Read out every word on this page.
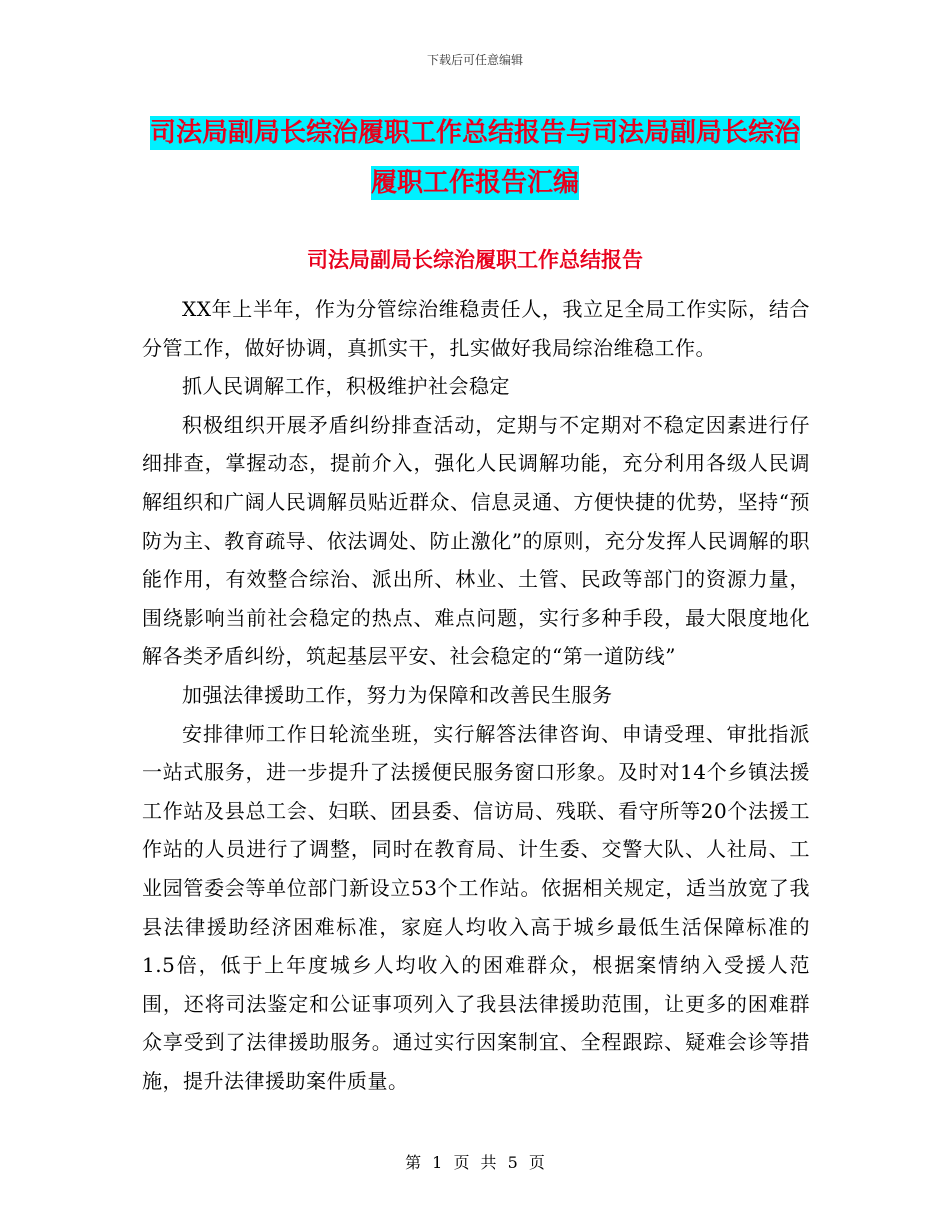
下载后可任意编辑
司法局副局长综治履职工作总结报告与司法局副局长综治履职工作报告汇编
司法局副局长综治履职工作总结报告

XX年上半年，作为分管综治维稳责任人，我立足全局工作实际，结合分管工作，做好协调，真抓实干，扎实做好我局综治维稳工作。

抓人民调解工作，积极维护社会稳定

积极组织开展矛盾纠纷排查活动，定期与不定期对不稳定因素进行仔细排查，掌握动态，提前介入，强化人民调解功能，充分利用各级人民调解组织和广阔人民调解员贴近群众、信息灵通、方便快捷的优势，坚持“预防为主、教育疏导、依法调处、防止激化”的原则，充分发挥人民调解的职能作用，有效整合综治、派出所、林业、土管、民政等部门的资源力量，围绕影响当前社会稳定的热点、难点问题，实行多种手段，最大限度地化解各类矛盾纠纷，筑起基层平安、社会稳定的“第一道防线”

加强法律援助工作，努力为保障和改善民生服务

安排律师工作日轮流坐班，实行解答法律咨询、申请受理、审批指派一站式服务，进一步提升了法援便民服务窗口形象。及时对14个乡镇法援工作站及县总工会、妇联、团县委、信访局、残联、看守所等20个法援工作站的人员进行了调整，同时在教育局、计生委、交警大队、人社局、工业园管委会等单位部门新设立53个工作站。依据相关规定，适当放宽了我县法律援助经济困难标准，家庭人均收入高于城乡最低生活保障标准的1.5倍，低于上年度城乡人均收入的困难群众，根据案情纳入受援人范围，还将司法鉴定和公证事项列入了我县法律援助范围，让更多的困难群众享受到了法律援助服务。通过实行因案制宜、全程跟踪、疑难会诊等措施，提升法律援助案件质量。

第 1 页 共 5 页
